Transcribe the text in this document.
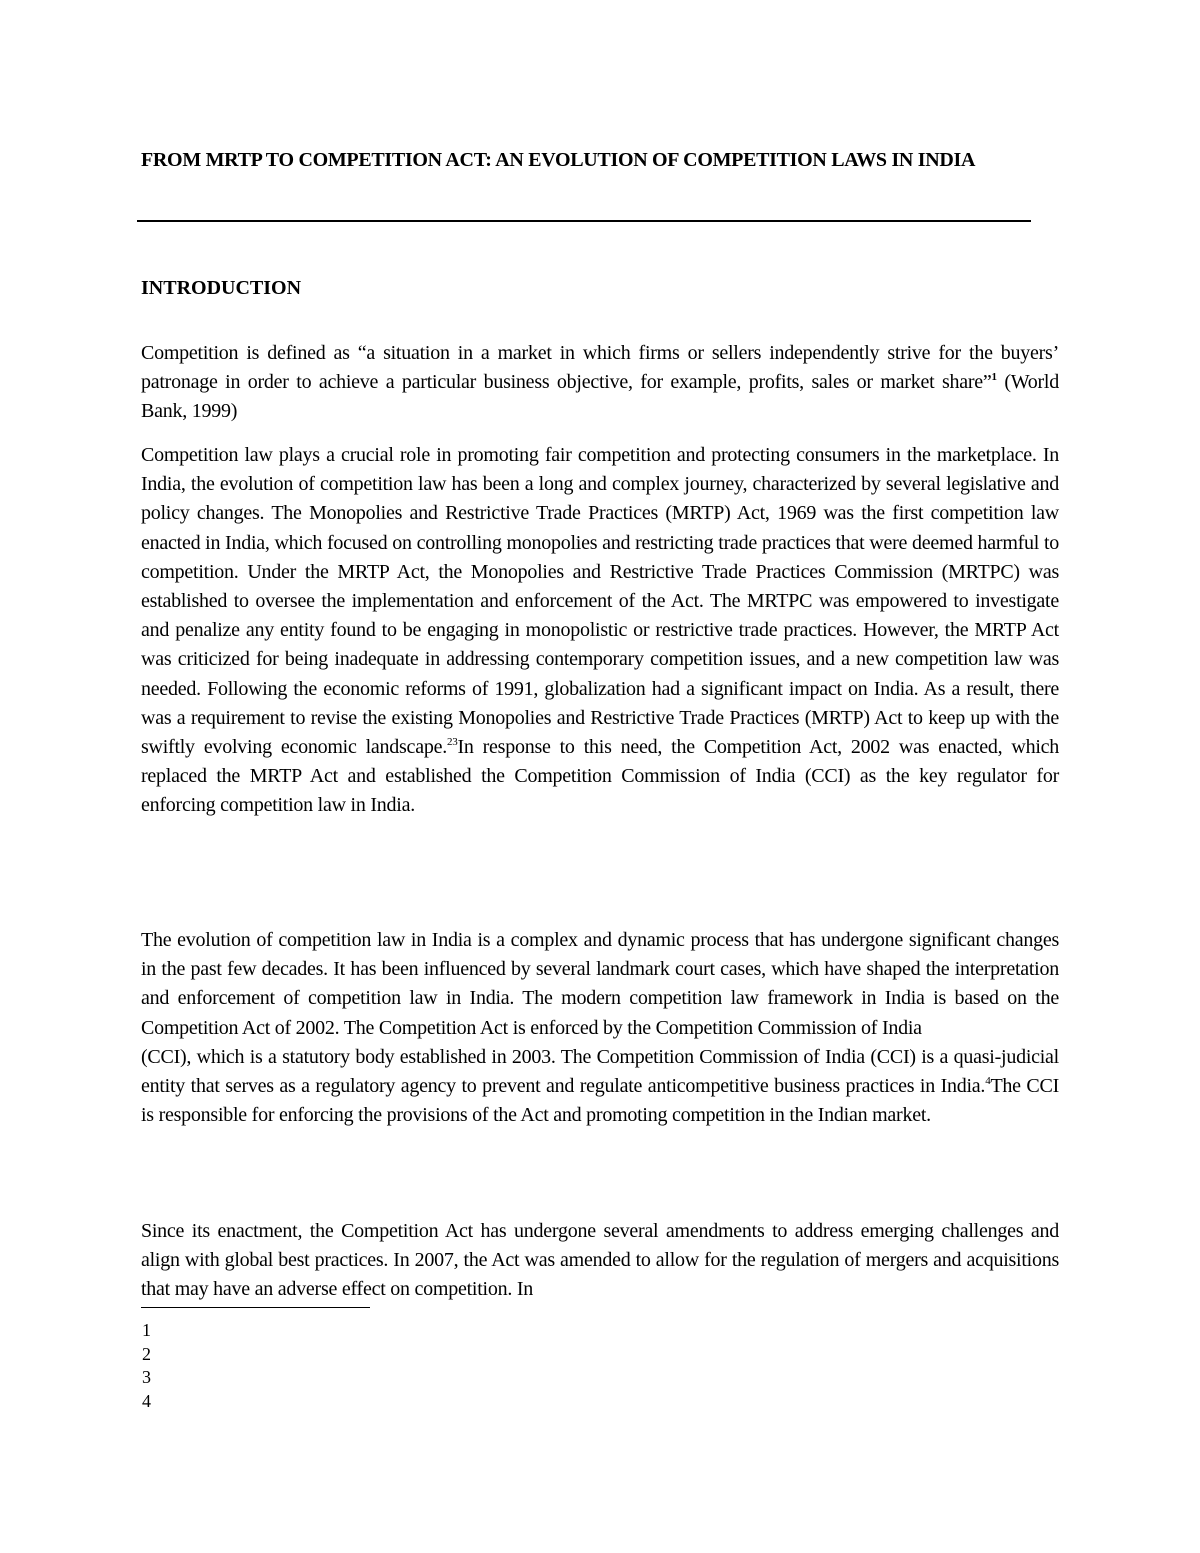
FROM MRTP TO COMPETITION ACT: AN EVOLUTION OF COMPETITION LAWS IN INDIA
INTRODUCTION
Competition is defined as “a situation in a market in which firms or sellers independently strive for the buyers’ patronage in order to achieve a particular business objective, for example, profits, sales or market share”$^1$ (World Bank, 1999)
Competition law plays a crucial role in promoting fair competition and protecting consumers in the marketplace. In India, the evolution of competition law has been a long and complex journey, characterized by several legislative and policy changes. The Monopolies and Restrictive Trade Practices (MRTP) Act, 1969 was the first competition law enacted in India, which focused on controlling monopolies and restricting trade practices that were deemed harmful to competition. Under the MRTP Act, the Monopolies and Restrictive Trade Practices Commission (MRTPC) was established to oversee the implementation and enforcement of the Act. The MRTPC was empowered to investigate and penalize any entity found to be engaging in monopolistic or restrictive trade practices. However, the MRTP Act was criticized for being inadequate in addressing contemporary competition issues, and a new competition law was needed. Following the economic reforms of 1991, globalization had a significant impact on India. As a result, there was a requirement to revise the existing Monopolies and Restrictive Trade Practices (MRTP) Act to keep up with the swiftly evolving economic landscape.$^{23}$In response to this need, the Competition Act, 2002 was enacted, which replaced the MRTP Act and established the Competition Commission of India (CCI) as the key regulator for enforcing competition law in India.
The evolution of competition law in India is a complex and dynamic process that has undergone significant changes in the past few decades. It has been influenced by several landmark court cases, which have shaped the interpretation and enforcement of competition law in India. The modern competition law framework in India is based on the Competition Act of 2002. The Competition Act is enforced by the Competition Commission of India
(CCI), which is a statutory body established in 2003. The Competition Commission of India (CCI) is a quasi-judicial entity that serves as a regulatory agency to prevent and regulate anticompetitive business practices in India.$^4$The CCI is responsible for enforcing the provisions of the Act and promoting competition in the Indian market.
Since its enactment, the Competition Act has undergone several amendments to address emerging challenges and align with global best practices. In 2007, the Act was amended to allow for the regulation of mergers and acquisitions that may have an adverse effect on competition. In
1
2
3
4
